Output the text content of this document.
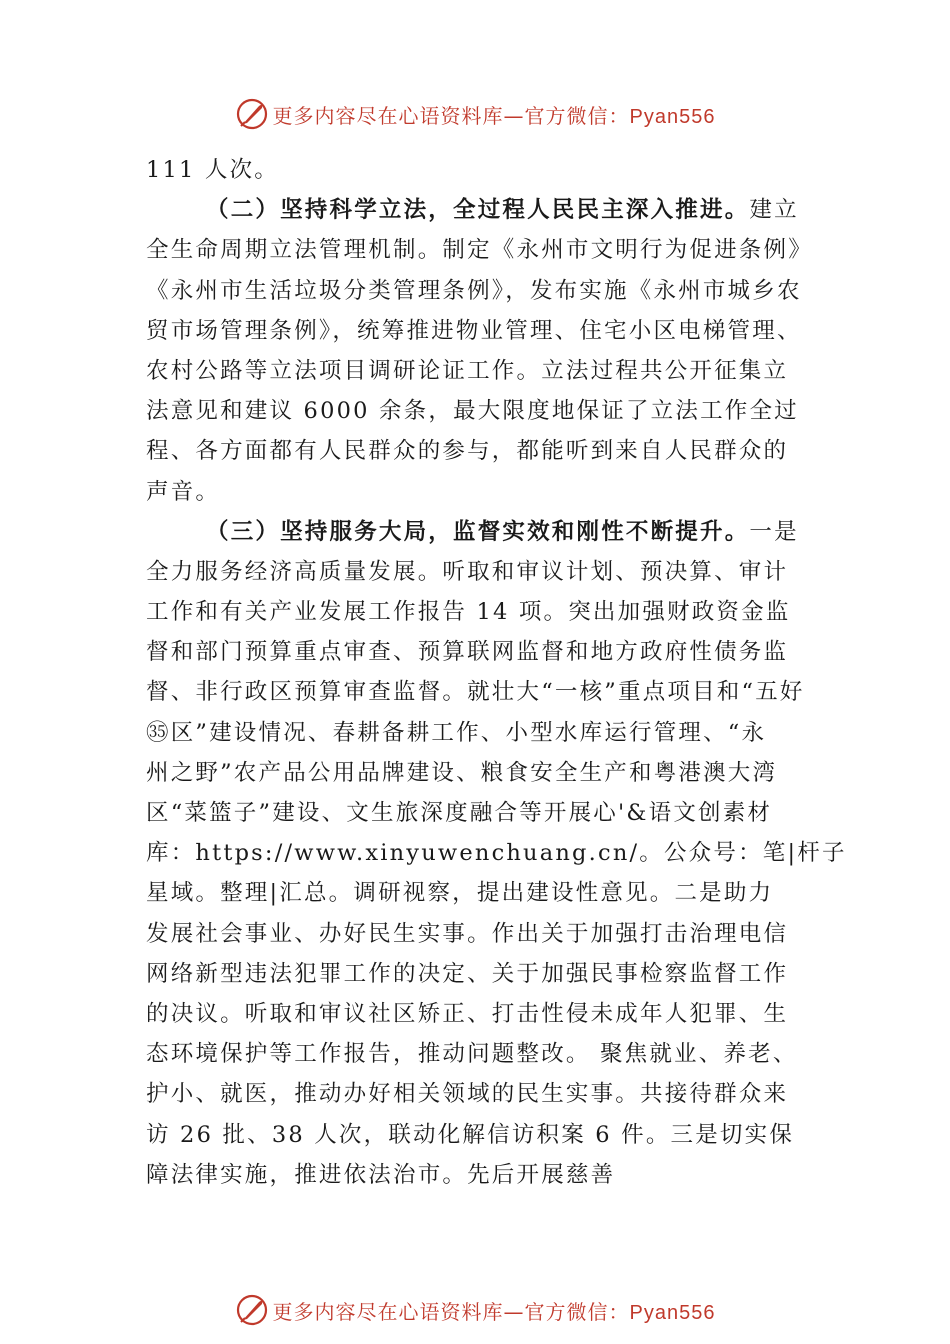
更多内容尽在心语资料库—官方微信：Pyan556
111 人次。
（二）坚持科学立法，全过程人民民主深入推进。建立
全生命周期立法管理机制。制定《永州市文明行为促进条例》
《永州市生活垃圾分类管理条例》，发布实施《永州市城乡农
贸市场管理条例》，统筹推进物业管理、住宅小区电梯管理、
农村公路等立法项目调研论证工作。立法过程共公开征集立
法意见和建议 6000 余条，最大限度地保证了立法工作全过
程、各方面都有人民群众的参与，都能听到来自人民群众的
声音。
（三）坚持服务大局，监督实效和刚性不断提升。一是
全力服务经济高质量发展。听取和审议计划、预决算、审计
工作和有关产业发展工作报告 14 项。突出加强财政资金监
督和部门预算重点审查、预算联网监督和地方政府性债务监
督、非行政区预算审查监督。就壮大“一核”重点项目和“五好
㉟区”建设情况、春耕备耕工作、小型水库运行管理、“永
州之野”农产品公用品牌建设、粮食安全生产和粤港澳大湾
区“菜篮子”建设、文生旅深度融合等开展心'&语文创素材
库：https://www.xinyuwenchuang.cn/。公众号：笔|杆子
星域。整理|汇总。调研视察，提出建设性意见。二是助力
发展社会事业、办好民生实事。作出关于加强打击治理电信
网络新型违法犯罪工作的决定、关于加强民事检察监督工作
的决议。听取和审议社区矫正、打击性侵未成年人犯罪、生
态环境保护等工作报告，推动问题整改。 聚焦就业、养老、
护小、就医，推动办好相关领域的民生实事。共接待群众来
访 26 批、38 人次，联动化解信访积案 6 件。三是切实保
障法律实施，推进依法治市。先后开展慈善
更多内容尽在心语资料库—官方微信：Pyan556
